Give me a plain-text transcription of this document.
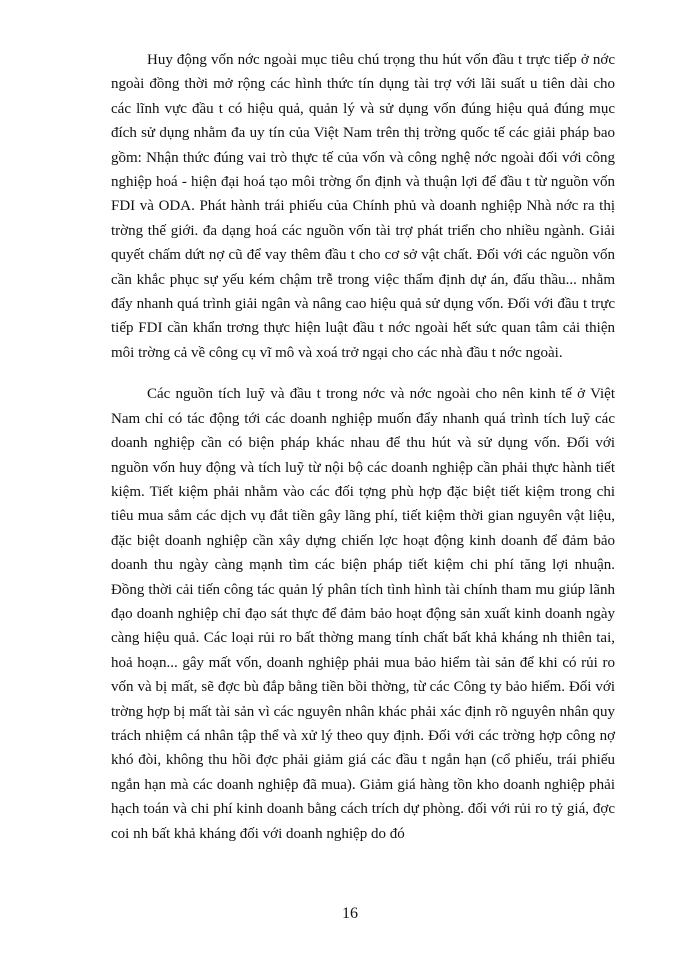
Huy động vốn nớc ngoài mục tiêu chú trọng thu hút vốn đầu t trực tiếp ở nớc ngoài đồng thời mở rộng các hình thức tín dụng tài trợ với lãi suất u tiên dài cho các lĩnh vực đầu t có hiệu quả, quản lý và sử dụng vốn đúng hiệu quả đúng mục đích sử dụng nhằm đa uy tín của Việt Nam trên thị trờng quốc tế các giải pháp bao gồm: Nhận thức đúng vai trò thực tế của vốn và công nghệ nớc ngoài đối với công nghiệp hoá - hiện đại hoá tạo môi trờng ổn định và thuận lợi để đầu t từ nguồn vốn FDI và ODA. Phát hành trái phiếu của Chính phủ và doanh nghiệp Nhà nớc ra thị trờng thế giới. đa dạng hoá các nguồn vốn tài trợ phát triển cho nhiều ngành. Giải quyết chấm dứt nợ cũ để vay thêm đầu t cho cơ sở vật chất. Đối với các nguồn vốn cần khắc phục sự yếu kém chậm trễ trong việc thẩm định dự án, đấu thầu... nhằm đẩy nhanh quá trình giải ngân và nâng cao hiệu quả sử dụng vốn. Đối với đầu t trực tiếp FDI cần khẩn trơng thực hiện luật đầu t nớc ngoài hết sức quan tâm cải thiện môi trờng cả về công cụ vĩ mô và xoá trở ngại cho các nhà đầu t nớc ngoài.

Các nguồn tích luỹ và đầu t trong nớc và nớc ngoài cho nên kinh tế ở Việt Nam chỉ có tác động tới các doanh nghiệp muốn đẩy nhanh quá trình tích luỹ các doanh nghiệp cần có biện pháp khác nhau để thu hút và sử dụng vốn. Đối với nguồn vốn huy động và tích luỹ từ nội bộ các doanh nghiệp cần phải thực hành tiết kiệm. Tiết kiệm phải nhằm vào các đối tợng phù hợp đặc biệt tiết kiệm trong chi tiêu mua sắm các dịch vụ đắt tiền gây lãng phí, tiết kiệm thời gian nguyên vật liệu, đặc biệt doanh nghiệp cần xây dựng chiến lợc hoạt động kinh doanh để đảm bảo doanh thu ngày càng mạnh tìm các biện pháp tiết kiệm chi phí tăng lợi nhuận. Đồng thời cải tiến công tác quản lý phân tích tình hình tài chính tham mu giúp lãnh đạo doanh nghiệp chỉ đạo sát thực để đảm bảo hoạt động sản xuất kinh doanh ngày càng hiệu quả. Các loại rủi ro bất thờng mang tính chất bất khả kháng nh thiên tai, hoả hoạn... gây mất vốn, doanh nghiệp phải mua bảo hiểm tài sản để khi có rủi ro vốn và bị mất, sẽ đợc bù đắp bằng tiền bồi thờng, từ các Công ty bảo hiểm. Đối với trờng hợp bị mất tài sản vì các nguyên nhân khác phải xác định rõ nguyên nhân quy trách nhiệm cá nhân tập thể và xử lý theo quy định. Đối với các trờng hợp công nợ khó đòi, không thu hồi đợc phải giảm giá các đầu t ngắn hạn (cổ phiếu, trái phiếu ngắn hạn mà các doanh nghiệp đã mua). Giảm giá hàng tồn kho doanh nghiệp phải hạch toán và chi phí kinh doanh bằng cách trích dự phòng. đối với rủi ro tỷ giá, đợc coi nh bất khả kháng đối với doanh nghiệp do đó

16
